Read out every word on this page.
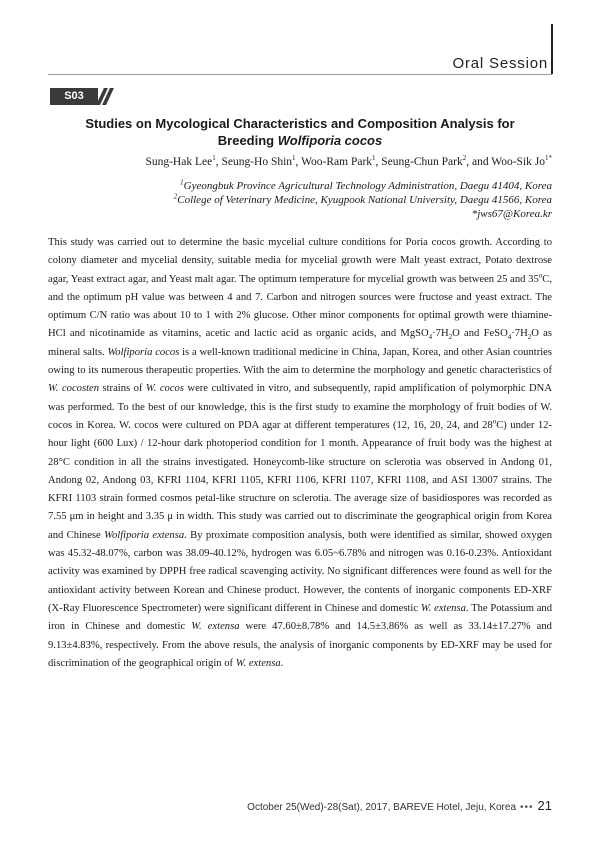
Oral Session
S03
Studies on Mycological Characteristics and Composition Analysis for
Breeding Wolfiporia cocos
Sung-Hak Lee$^1$, Seung-Ho Shin$^1$, Woo-Ram Park$^1$, Seung-Chun Park$^2$, and Woo-Sik $Jo^{1*}$
$^1$Gyeongbuk Province Agricultural Technology Administration, Daegu 41404, Korea
$^2$College of Veterinary Medicine, Kyugpook National University, Daegu 41566, Korea
*jws67@Korea.kr
This study was carried out to determine the basic mycelial culture conditions for Poria cocos growth. According to colony diameter and mycelial density, suitable media for mycelial growth were Malt yeast extract, Potato dextrose agar, Yeast extract agar, and Yeast malt agar. The optimum temperature for mycelial growth was between 25 and 35$^o$C, and the optimum pH value was between 4 and 7. Carbon and nitrogen sources were fructose and yeast extract. The optimum C/N ratio was about 10 to 1 with 2% glucose. Other minor components for optimal growth were thiamine-HCl and nicotinamide as vitamins, acetic and lactic acid as organic acids, and $MgSO_4\cdot 7H_2O$ and $FeSO_4\cdot 7H_2O$ as mineral salts. Wolfiporia cocos is a well-known traditional medicine in China, Japan, Korea, and other Asian countries owing to its numerous therapeutic properties. With the aim to determine the morphology and genetic characteristics of W. cocosten strains of W. cocos were cultivated in vitro, and subsequently, rapid amplification of polymorphic DNA was performed. To the best of our knowledge, this is the first study to examine the morphology of fruit bodies of W. cocos in Korea. W. cocos were cultured on PDA agar at different temperatures (12, 16, 20, 24, and 28$^o$C) under 12-hour light (600 Lux) / 12-hour dark photoperiod condition for 1 month. Appearance of fruit body was the highest at 28°C condition in all the strains investigated. Honeycomb-like structure on sclerotia was observed in Andong 01, Andong 02, Andong 03, KFRI 1104, KFRI 1105, KFRI 1106, KFRI 1107, KFRI 1108, and ASI 13007 strains. The KFRI 1103 strain formed cosmos petal-like structure on sclerotia. The average size of basidiospores was recorded as 7.55 μm in height and 3.35 μ in width. This study was carried out to discriminate the geographical origin from Korea and Chinese Wolfiporia extensa. By proximate composition analysis, both were identified as similar, showed oxygen was 45.32-48.07%, carbon was 38.09-40.12%, hydrogen was 6.05~6.78% and nitrogen was 0.16-0.23%. Antioxidant activity was examined by DPPH free radical scavenging activity. No significant differences were found as well for the antioxidant activity between Korean and Chinese product. However, the contents of inorganic components ED-XRF (X-Ray Fluorescence Spectrometer) were significant different in Chinese and domestic W. extensa. The Potassium and iron in Chinese and domestic W. extensa were 47.60±8.78% and 14.5±3.86% as well as 33.14±17.27% and 9.13±4.83%, respectively. From the above resuls, the analysis of inorganic components by ED-XRF may be used for discrimination of the geographical origin of W. extensa.
October 25(Wed)-28(Sat), 2017, BAREVE Hotel, Jeju, Korea ••• 21
